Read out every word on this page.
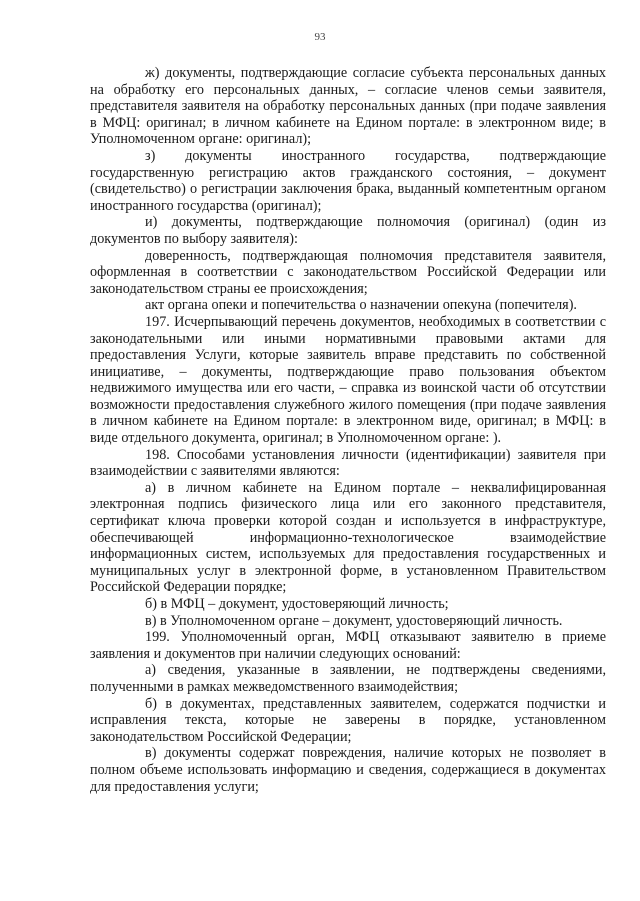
93

ж) документы, подтверждающие согласие субъекта персональных данных на обработку его персональных данных, – согласие членов семьи заявителя, представителя заявителя на обработку персональных данных (при подаче заявления в МФЦ: оригинал; в личном кабинете на Едином портале: в электронном виде; в Уполномоченном органе: оригинал);

з) документы иностранного государства, подтверждающие государственную регистрацию актов гражданского состояния, – документ (свидетельство) о регистрации заключения брака, выданный компетентным органом иностранного государства (оригинал);

и) документы, подтверждающие полномочия (оригинал) (один из документов по выбору заявителя):

доверенность, подтверждающая полномочия представителя заявителя, оформленная в соответствии с законодательством Российской Федерации или законодательством страны ее происхождения;

акт органа опеки и попечительства о назначении опекуна (попечителя).

197. Исчерпывающий перечень документов, необходимых в соответствии с законодательными или иными нормативными правовыми актами для предоставления Услуги, которые заявитель вправе представить по собственной инициативе, – документы, подтверждающие право пользования объектом недвижимого имущества или его части, – справка из воинской части об отсутствии возможности предоставления служебного жилого помещения (при подаче заявления в личном кабинете на Едином портале: в электронном виде, оригинал; в МФЦ: в виде отдельного документа, оригинал; в Уполномоченном органе: ).

198. Способами установления личности (идентификации) заявителя при взаимодействии с заявителями являются:

а) в личном кабинете на Едином портале – неквалифицированная электронная подпись физического лица или его законного представителя, сертификат ключа проверки которой создан и используется в инфраструктуре, обеспечивающей информационно-технологическое взаимодействие информационных систем, используемых для предоставления государственных и муниципальных услуг в электронной форме, в установленном Правительством Российской Федерации порядке;

б) в МФЦ – документ, удостоверяющий личность;

в) в Уполномоченном органе – документ, удостоверяющий личность.

199. Уполномоченный орган, МФЦ отказывают заявителю в приеме заявления и документов при наличии следующих оснований:

а) сведения, указанные в заявлении, не подтверждены сведениями, полученными в рамках межведомственного взаимодействия;

б) в документах, представленных заявителем, содержатся подчистки и исправления текста, которые не заверены в порядке, установленном законодательством Российской Федерации;

в) документы содержат повреждения, наличие которых не позволяет в полном объеме использовать информацию и сведения, содержащиеся в документах для предоставления услуги;
